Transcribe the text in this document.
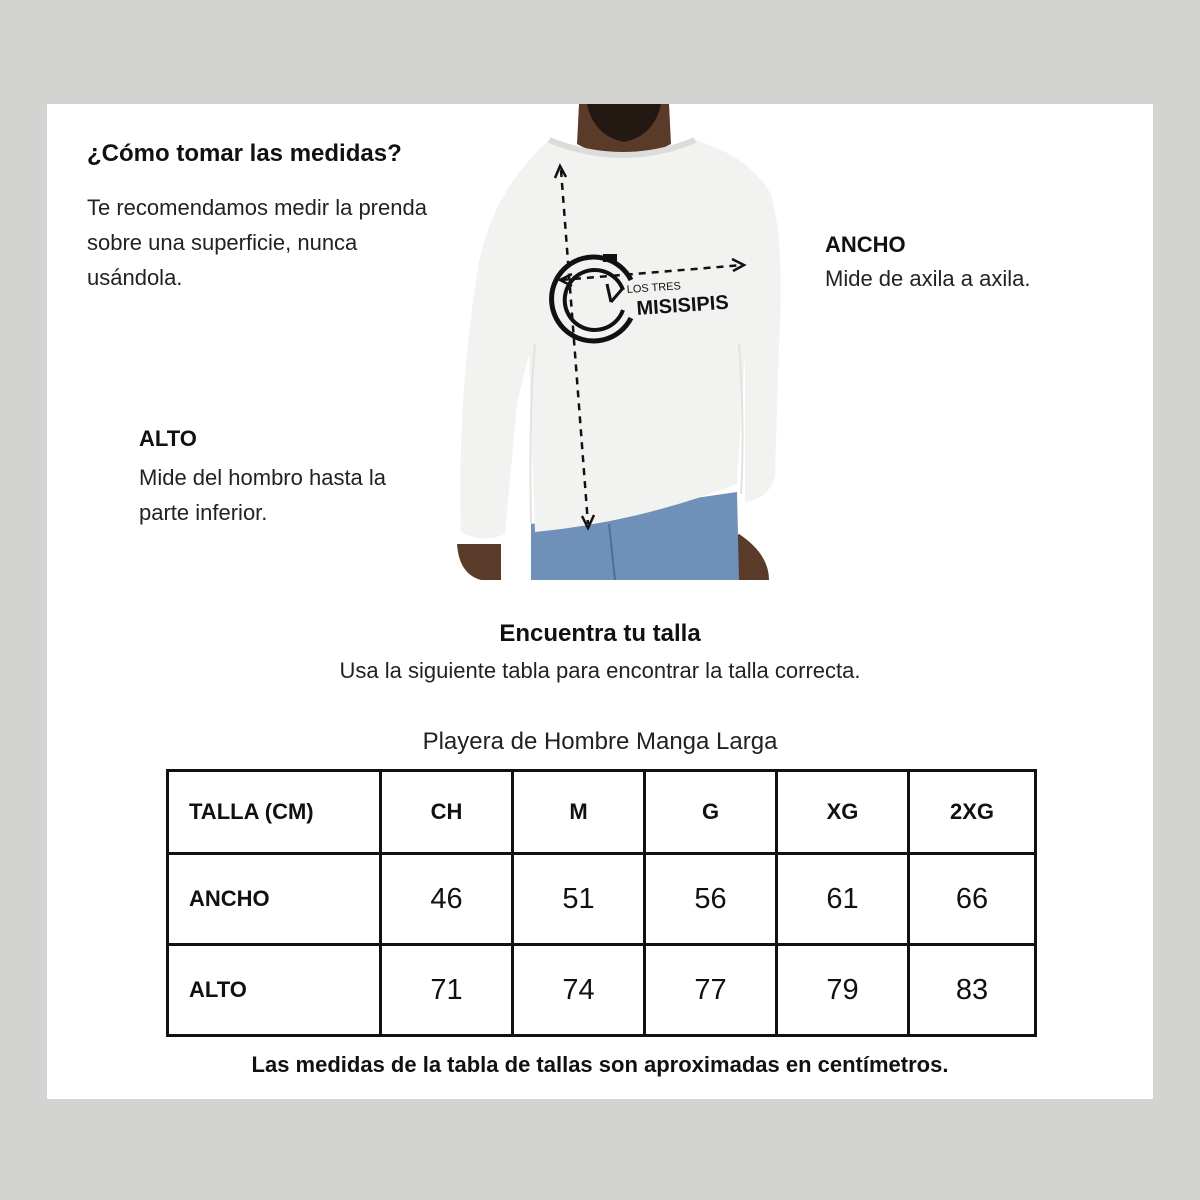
¿Cómo tomar las medidas?
Te recomendamos medir la prenda sobre una superficie, nunca usándola.
ANCHO
Mide de axila a axila.
ALTO
Mide del hombro hasta la parte inferior.
LOS TRES
MISISIPIS
Encuentra tu talla
Usa la siguiente tabla para encontrar la talla correcta.
Playera de Hombre Manga Larga
TALLA (CM)	CH	M	G	XG	2XG
ANCHO	46	51	56	61	66
ALTO	71	74	77	79	83
Las medidas de la tabla de tallas son aproximadas en centímetros.
